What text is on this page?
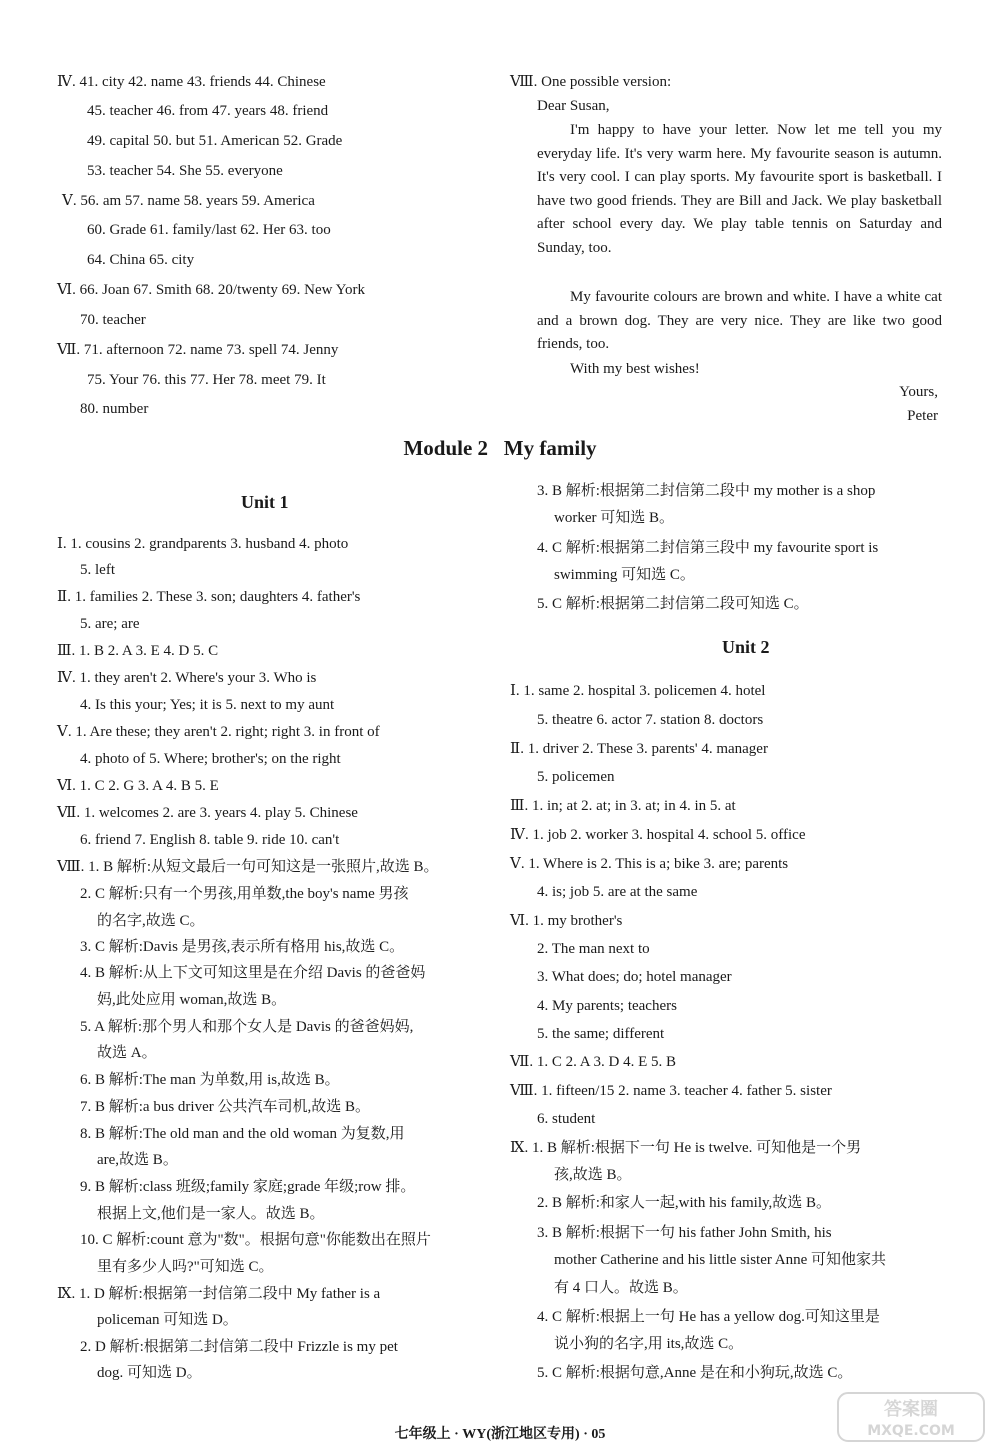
Ⅳ. 41. city 42. name 43. friends 44. Chinese
45. teacher 46. from 47. years 48. friend
49. capital 50. but 51. American 52. Grade
53. teacher 54. She 55. everyone
Ⅴ. 56. am 57. name 58. years 59. America
60. Grade 61. family/last 62. Her 63. too
64. China 65. city
Ⅵ. 66. Joan 67. Smith 68. 20/twenty 69. New York
70. teacher
Ⅶ. 71. afternoon 72. name 73. spell 74. Jenny
75. Your 76. this 77. Her 78. meet 79. It
80. number
Ⅷ. One possible version:
Dear Susan,
I'm happy to have your letter. Now let me tell you my everyday life. It's very warm here. My favourite season is autumn. It's very cool. I can play sports. My favourite sport is basketball. I have two good friends. They are Bill and Jack. We play basketball after school every day. We play table tennis on Saturday and Sunday, too.
My favourite colours are brown and white. I have a white cat and a brown dog. They are very nice. They are like two good friends, too.
With my best wishes!
Yours,
Peter
Module 2   My family
Unit 1
Ⅰ. 1. cousins 2. grandparents 3. husband 4. photo
5. left
Ⅱ. 1. families 2. These 3. son; daughters 4. father's
5. are; are
Ⅲ. 1. B 2. A 3. E 4. D 5. C
Ⅳ. 1. they aren't 2. Where's your 3. Who is
4. Is this your; Yes; it is 5. next to my aunt
Ⅴ. 1. Are these; they aren't 2. right; right 3. in front of
4. photo of 5. Where; brother's; on the right
Ⅵ. 1. C 2. G 3. A 4. B 5. E
Ⅶ. 1. welcomes 2. are 3. years 4. play 5. Chinese
6. friend 7. English 8. table 9. ride 10. can't
Ⅷ. 1. B 解析:从短文最后一句可知这是一张照片,故选 B。
2. C 解析:只有一个男孩,用单数,the boy's name 男孩
的名字,故选 C。
3. C 解析:Davis 是男孩,表示所有格用 his,故选 C。
4. B 解析:从上下文可知这里是在介绍 Davis 的爸爸妈
妈,此处应用 woman,故选 B。
5. A 解析:那个男人和那个女人是 Davis 的爸爸妈妈,
故选 A。
6. B 解析:The man 为单数,用 is,故选 B。
7. B 解析:a bus driver 公共汽车司机,故选 B。
8. B 解析:The old man and the old woman 为复数,用
are,故选 B。
9. B 解析:class 班级;family 家庭;grade 年级;row 排。
根据上文,他们是一家人。故选 B。
10. C 解析:count 意为"数"。根据句意"你能数出在照片
里有多少人吗?"可知选 C。
Ⅸ. 1. D 解析:根据第一封信第二段中 My father is a
policeman 可知选 D。
2. D 解析:根据第二封信第二段中 Frizzle is my pet
dog. 可知选 D。
3. B 解析:根据第二封信第二段中 my mother is a shop
worker 可知选 B。
4. C 解析:根据第二封信第三段中 my favourite sport is
swimming 可知选 C。
5. C 解析:根据第二封信第二段可知选 C。
Unit 2
Ⅰ. 1. same 2. hospital 3. policemen 4. hotel
5. theatre 6. actor 7. station 8. doctors
Ⅱ. 1. driver 2. These 3. parents' 4. manager
5. policemen
Ⅲ. 1. in; at 2. at; in 3. at; in 4. in 5. at
Ⅳ. 1. job 2. worker 3. hospital 4. school 5. office
Ⅴ. 1. Where is 2. This is a; bike 3. are; parents
4. is; job 5. are at the same
Ⅵ. 1. my brother's
2. The man next to
3. What does; do; hotel manager
4. My parents; teachers
5. the same; different
Ⅶ. 1. C 2. A 3. D 4. E 5. B
Ⅷ. 1. fifteen/15 2. name 3. teacher 4. father 5. sister
6. student
Ⅸ. 1. B 解析:根据下一句 He is twelve. 可知他是一个男
孩,故选 B。
2. B 解析:和家人一起,with his family,故选 B。
3. B 解析:根据下一句 his father John Smith, his
mother Catherine and his little sister Anne 可知他家共
有 4 口人。故选 B。
4. C 解析:根据上一句 He has a yellow dog.可知这里是
说小狗的名字,用 its,故选 C。
5. C 解析:根据句意,Anne 是在和小狗玩,故选 C。
七年级上 · WY(浙江地区专用) · 05
答案圈
MXQE.COM
